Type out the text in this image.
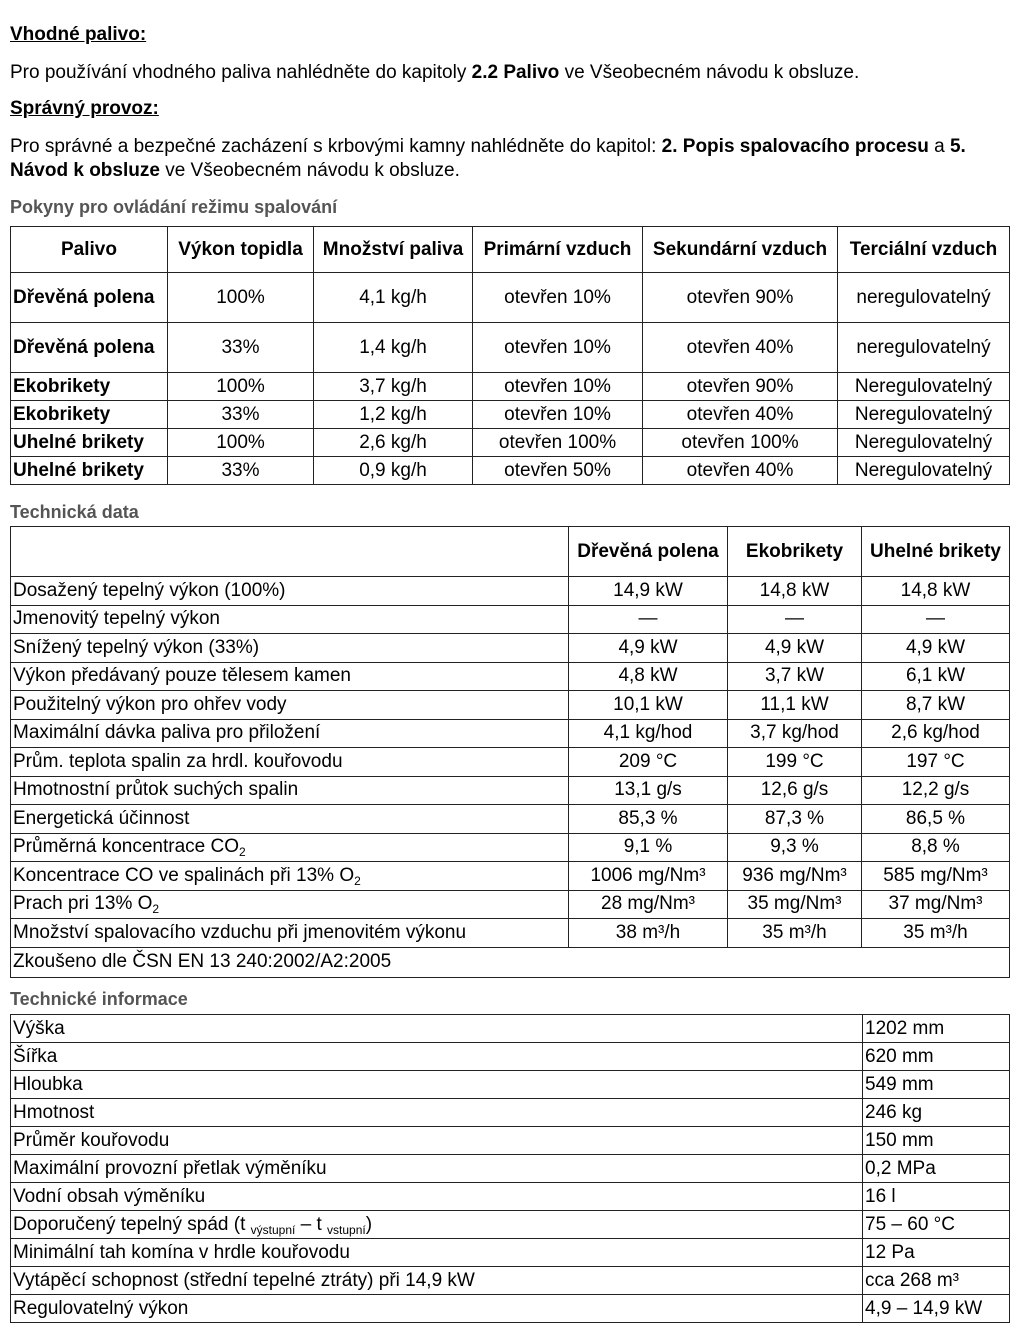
Vhodné palivo:
Pro používání vhodného paliva nahlédněte do kapitoly 2.2 Palivo ve Všeobecném návodu k obsluze.
Správný provoz:
Pro správné a bezpečné zacházení s krbovými kamny nahlédněte do kapitol: 2. Popis spalovacího procesu a 5. Návod k obsluze ve Všeobecném návodu k obsluze.
Pokyny pro ovládání režimu spalování
Palivo	Výkon topidla	Množství paliva	Primární vzduch	Sekundární vzduch	Terciální vzduch
Dřevěná polena	100%	4,1 kg/h	otevřen 10%	otevřen 90%	neregulovatelný
Dřevěná polena	33%	1,4 kg/h	otevřen 10%	otevřen 40%	neregulovatelný
Ekobrikety	100%	3,7 kg/h	otevřen 10%	otevřen 90%	Neregulovatelný
Ekobrikety	33%	1,2 kg/h	otevřen 10%	otevřen 40%	Neregulovatelný
Uhelné brikety	100%	2,6 kg/h	otevřen 100%	otevřen 100%	Neregulovatelný
Uhelné brikety	33%	0,9 kg/h	otevřen 50%	otevřen 40%	Neregulovatelný
Technická data
	Dřevěná polena	Ekobrikety	Uhelné brikety
Dosažený tepelný výkon (100%)	14,9 kW	14,8 kW	14,8 kW
Jmenovitý tepelný výkon	—	—	—
Snížený tepelný výkon (33%)	4,9 kW	4,9 kW	4,9 kW
Výkon předávaný pouze tělesem kamen	4,8 kW	3,7 kW	6,1 kW
Použitelný výkon pro ohřev vody	10,1 kW	11,1 kW	8,7 kW
Maximální dávka paliva pro přiložení	4,1 kg/hod	3,7 kg/hod	2,6 kg/hod
Prům. teplota spalin za hrdl. kouřovodu	209 °C	199 °C	197 °C
Hmotnostní průtok suchých spalin	13,1 g/s	12,6 g/s	12,2 g/s
Energetická účinnost	85,3 %	87,3 %	86,5 %
Průměrná koncentrace $CO_2$	9,1 %	9,3 %	8,8 %
Koncentrace CO ve spalinách při 13% $O_2$	1006 mg/Nm³	936 mg/Nm³	585 mg/Nm³
Prach pri 13% $O_2$	28 mg/Nm³	35 mg/Nm³	37 mg/Nm³
Množství spalovacího vzduchu při jmenovitém výkonu	38 m³/h	35 m³/h	35 m³/h
Zkoušeno dle ČSN EN 13 240:2002/A2:2005			
Technické informace
Výška	1202 mm
Šířka	620 mm
Hloubka	549 mm
Hmotnost	246 kg
Průměr kouřovodu	150 mm
Maximální provozní přetlak výměníku	0,2 MPa
Vodní obsah výměníku	16 l
Doporučený tepelný spád (t $_{výstupní}$ – t $_{vstupní}$)	75 – 60 °C
Minimální tah komína v hrdle kouřovodu	12 Pa
Vytápěcí schopnost (střední tepelné ztráty) při 14,9 kW	cca 268 m³
Regulovatelný výkon	4,9 – 14,9 kW
